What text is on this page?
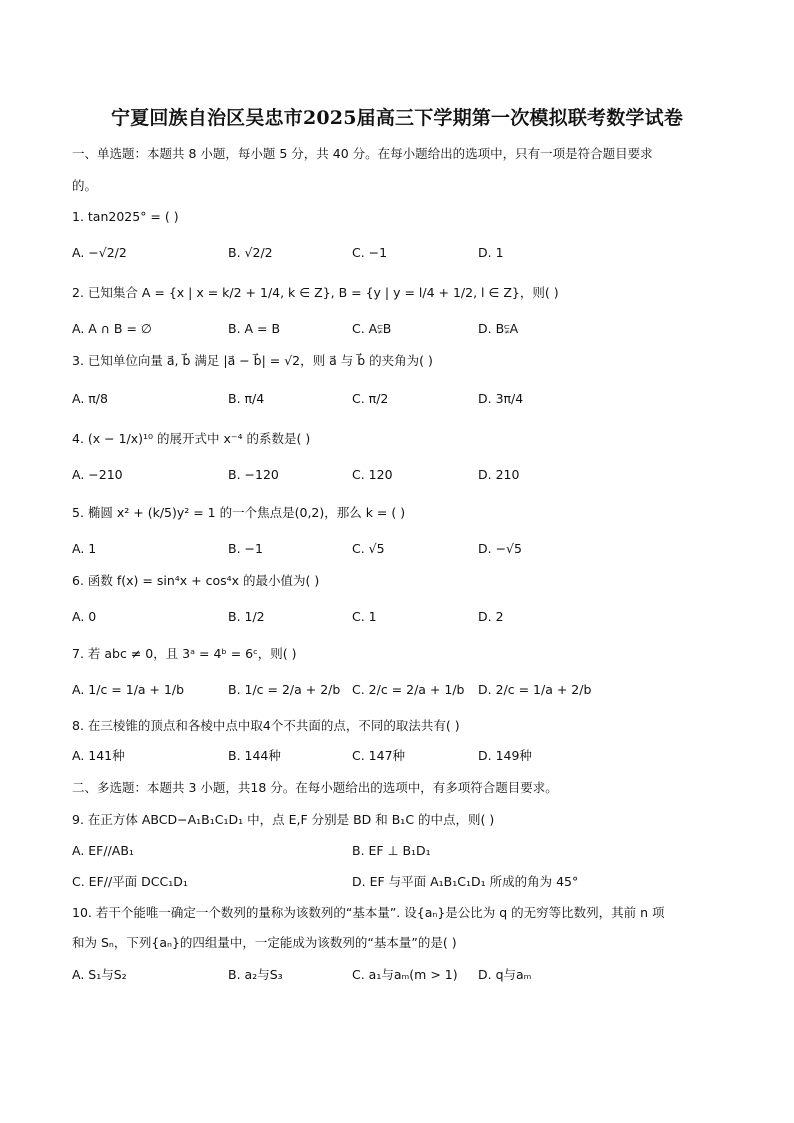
宁夏回族自治区吴忠市2025届高三下学期第一次模拟联考数学试卷
一、单选题：本题共 8 小题，每小题 5 分，共 40 分。在每小题给出的选项中，只有一项是符合题目要求
的。
1. tan2025° = ( )
A. −√2/2	B. √2/2	C. −1	D. 1
2. 已知集合 A = {x | x = k/2 + 1/4, k ∈ Z}, B = {y | y = l/4 + 1/2, l ∈ Z}，则( )
A. A ∩ B = ∅	B. A = B	C. A⫋B	D. B⫋A
3. 已知单位向量 a⃗, b⃗ 满足 |a⃗ − b⃗| = √2，则 a⃗ 与 b⃗ 的夹角为( )
A. π/8	B. π/4	C. π/2	D. 3π/4
4. (x − 1/x)¹⁰ 的展开式中 x⁻⁴ 的系数是( )
A. −210	B. −120	C. 120	D. 210
5. 椭圆 x² + (k/5)y² = 1 的一个焦点是(0,2)，那么 k = ( )
A. 1	B. −1	C. √5	D. −√5
6. 函数 f(x) = sin⁴x + cos⁴x 的最小值为( )
A. 0	B. 1/2	C. 1	D. 2
7. 若 abc ≠ 0，且 3ᵃ = 4ᵇ = 6ᶜ，则( )
A. 1/c = 1/a + 1/b	B. 1/c = 2/a + 2/b C. 2/c = 2/a + 1/b D. 2/c = 1/a + 2/b
8. 在三棱锥的顶点和各棱中点中取4个不共面的点，不同的取法共有( )
A. 141种	B. 144种	C. 147种	D. 149种
二、多选题：本题共 3 小题，共18 分。在每小题给出的选项中，有多项符合题目要求。
9. 在正方体 ABCD−A₁B₁C₁D₁ 中，点 E,F 分别是 BD 和 B₁C 的中点，则( )
A. EF//AB₁	B. EF ⊥ B₁D₁
C. EF//平面 DCC₁D₁	D. EF 与平面 A₁B₁C₁D₁ 所成的角为 45°
10. 若干个能唯一确定一个数列的量称为该数列的“基本量”. 设{aₙ}是公比为 q 的无穷等比数列，其前 n 项
和为 Sₙ，下列{aₙ}的四组量中，一定能成为该数列的“基本量”的是( )
A. S₁与S₂	B. a₂与S₃	C. a₁与aₘ(m > 1) D. q与aₘ
